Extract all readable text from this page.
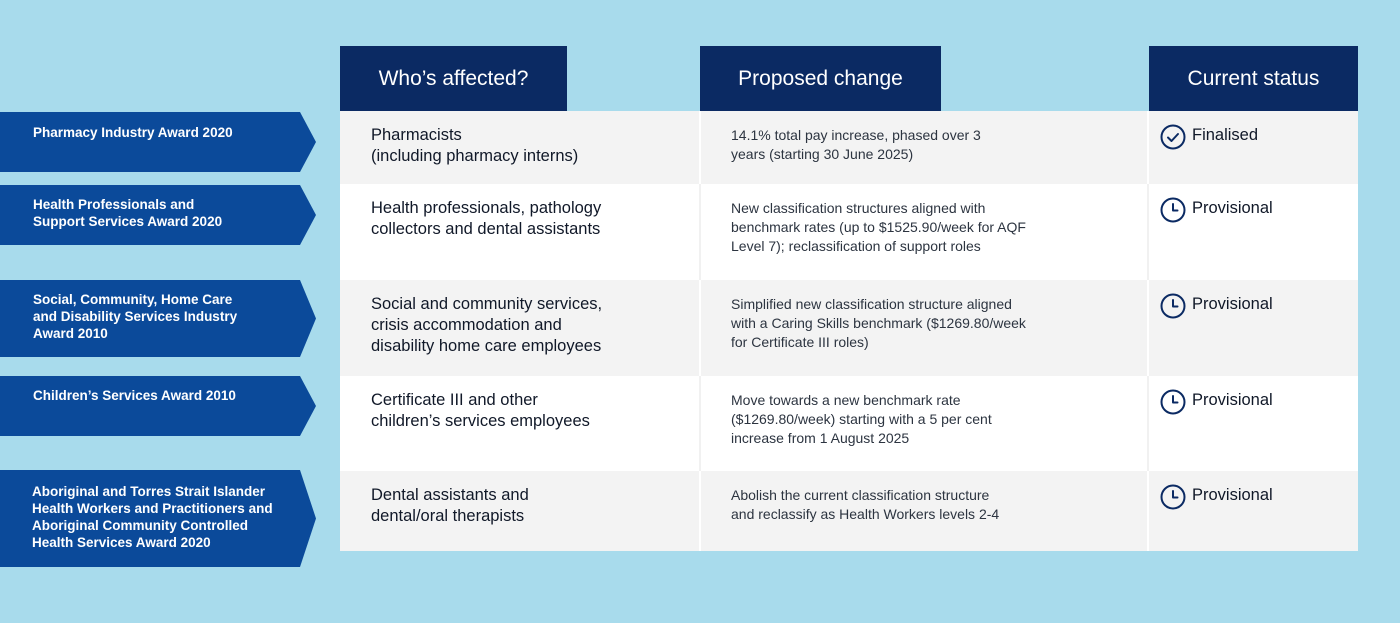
Who’s affected?	Proposed change	Current status
Pharmacists
(including pharmacy interns)
14.1% total pay increase, phased over 3
years (starting 30 June 2025)
Finalised
Health professionals, pathology
collectors and dental assistants
New classification structures aligned with
benchmark rates (up to $1525.90/week for AQF
Level 7); reclassification of support roles
Provisional
Social and community services,
crisis accommodation and
disability home care employees
Simplified new classification structure aligned
with a Caring Skills benchmark ($1269.80/week
for Certificate III roles)
Provisional
Certificate III and other
children’s services employees
Move towards a new benchmark rate
($1269.80/week) starting with a 5 per cent
increase from 1 August 2025
Provisional
Dental assistants and
dental/oral therapists
Abolish the current classification structure
and reclassify as Health Workers levels 2-4
Provisional
Pharmacy Industry Award 2020
Health Professionals and
Support Services Award 2020
Social, Community, Home Care
and Disability Services Industry
Award 2010
Children’s Services Award 2010
Aboriginal and Torres Strait Islander
Health Workers and Practitioners and
Aboriginal Community Controlled
Health Services Award 2020
